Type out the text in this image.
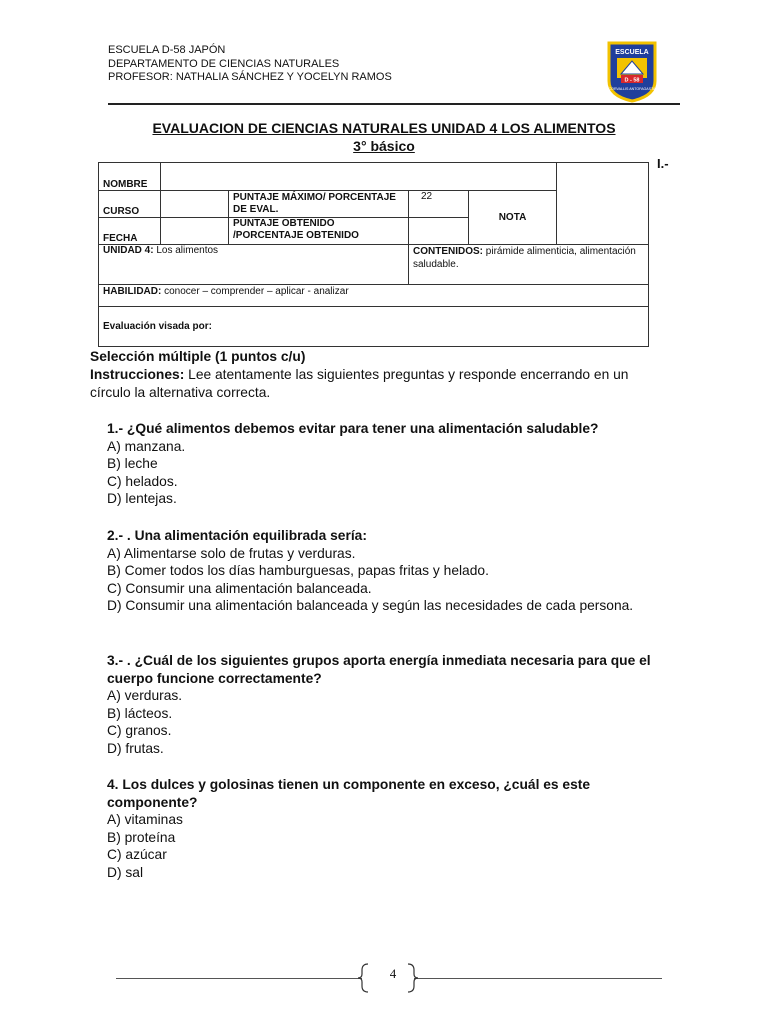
ESCUELA D-58 JAPÓN
DEPARTAMENTO DE CIENCIAS NATURALES
PROFESOR: NATHALIA SÁNCHEZ Y YOCELYN RAMOS
ESCUELA
D - 58
CORVALLIS ANTOFAGASTA
EVALUACION DE CIENCIAS NATURALES UNIDAD 4 LOS ALIMENTOS
3° básico
I.-
NOMBRE					
CURSO		PUNTAJE MÁXIMO/ PORCENTAJE DE EVAL.	22	NOTA	
FECHA		PUNTAJE OBTENIDO /PORCENTAJE OBTENIDO			
UNIDAD 4: Los alimentos			CONTENIDOS: pirámide alimenticia, alimentación saludable.		
HABILIDAD: conocer – comprender – aplicar - analizar					
Evaluación visada por:					
Selección múltiple (1 puntos c/u)
Instrucciones: Lee atentamente las siguientes preguntas y responde encerrando en un círculo la alternativa correcta.
1.- ¿Qué alimentos debemos evitar para tener una alimentación saludable?
A) manzana.
B) leche
C) helados.
D) lentejas.
2.- . Una alimentación equilibrada sería:
A) Alimentarse solo de frutas y verduras.
B) Comer todos los días hamburguesas, papas fritas y helado.
C) Consumir una alimentación balanceada.
D) Consumir una alimentación balanceada y según las necesidades de cada persona.
3.- . ¿Cuál de los siguientes grupos aporta energía inmediata necesaria para que el cuerpo funcione correctamente?
A) verduras.
B) lácteos.
C) granos.
D) frutas.
4. Los dulces y golosinas tienen un componente en exceso, ¿cuál es este componente?
A) vitaminas
B) proteína
C) azúcar
D) sal
4
